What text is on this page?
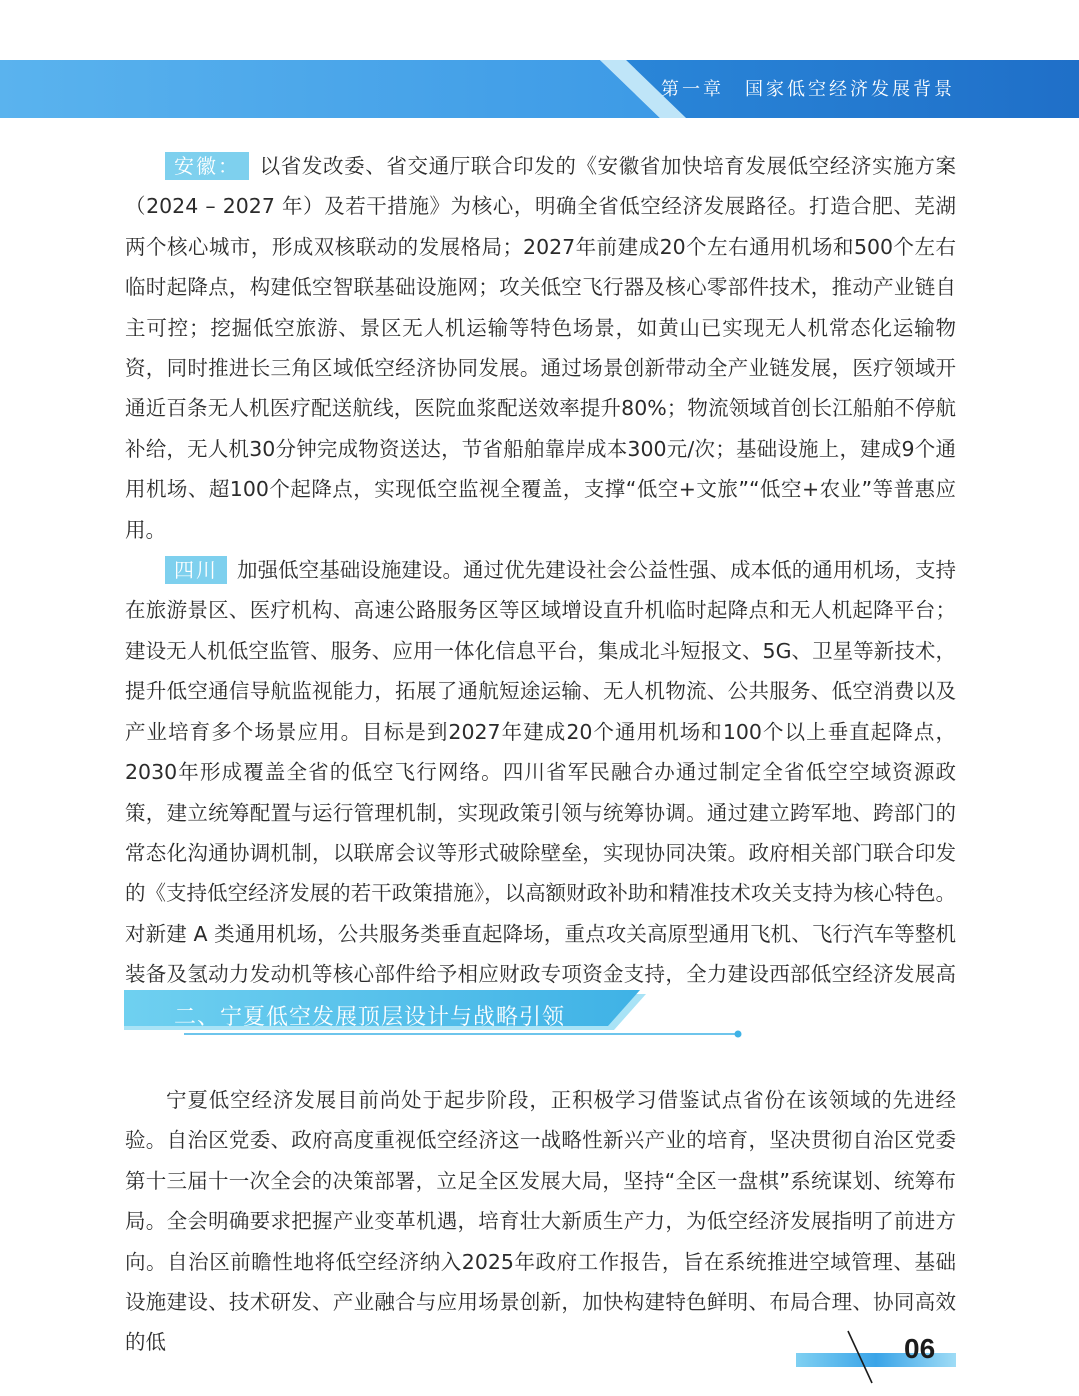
第一章　国家低空经济发展背景

安徽： 以省发改委、省交通厅联合印发的《安徽省加快培育发展低空经济实施方案（2024 – 2027 年）及若干措施》为核心，明确全省低空经济发展路径。打造合肥、芜湖两个核心城市，形成双核联动的发展格局；2027年前建成20个左右通用机场和500个左右临时起降点，构建低空智联基础设施网；攻关低空飞行器及核心零部件技术，推动产业链自主可控；挖掘低空旅游、景区无人机运输等特色场景，如黄山已实现无人机常态化运输物资，同时推进长三角区域低空经济协同发展。通过场景创新带动全产业链发展，医疗领域开通近百条无人机医疗配送航线，医院血浆配送效率提升80%；物流领域首创长江船舶不停航补给，无人机30分钟完成物资送达，节省船舶靠岸成本300元/次；基础设施上，建成9个通用机场、超100个起降点，实现低空监视全覆盖，支撑“低空+文旅”“低空+农业”等普惠应用。

四川 加强低空基础设施建设。通过优先建设社会公益性强、成本低的通用机场，支持在旅游景区、医疗机构、高速公路服务区等区域增设直升机临时起降点和无人机起降平台；建设无人机低空监管、服务、应用一体化信息平台，集成北斗短报文、5G、卫星等新技术，提升低空通信导航监视能力，拓展了通航短途运输、无人机物流、公共服务、低空消费以及产业培育多个场景应用。目标是到2027年建成20个通用机场和100个以上垂直起降点，2030年形成覆盖全省的低空飞行网络。四川省军民融合办通过制定全省低空空域资源政策，建立统筹配置与运行管理机制，实现政策引领与统筹协调。通过建立跨军地、跨部门的常态化沟通协调机制，以联席会议等形式破除壁垒，实现协同决策。政府相关部门联合印发的《支持低空经济发展的若干政策措施》，以高额财政补助和精准技术攻关支持为核心特色。对新建 A 类通用机场，公共服务类垂直起降场，重点攻关高原型通用飞机、飞行汽车等整机装备及氢动力发动机等核心部件给予相应财政专项资金支持，全力建设西部低空经济发展高

二、宁夏低空发展顶层设计与战略引领

宁夏低空经济发展目前尚处于起步阶段，正积极学习借鉴试点省份在该领域的先进经验。自治区党委、政府高度重视低空经济这一战略性新兴产业的培育，坚决贯彻自治区党委第十三届十一次全会的决策部署，立足全区发展大局，坚持“全区一盘棋”系统谋划、统筹布局。全会明确要求把握产业变革机遇，培育壮大新质生产力，为低空经济发展指明了前进方向。自治区前瞻性地将低空经济纳入2025年政府工作报告，旨在系统推进空域管理、基础设施建设、技术研发、产业融合与应用场景创新，加快构建特色鲜明、布局合理、协同高效的低	06
